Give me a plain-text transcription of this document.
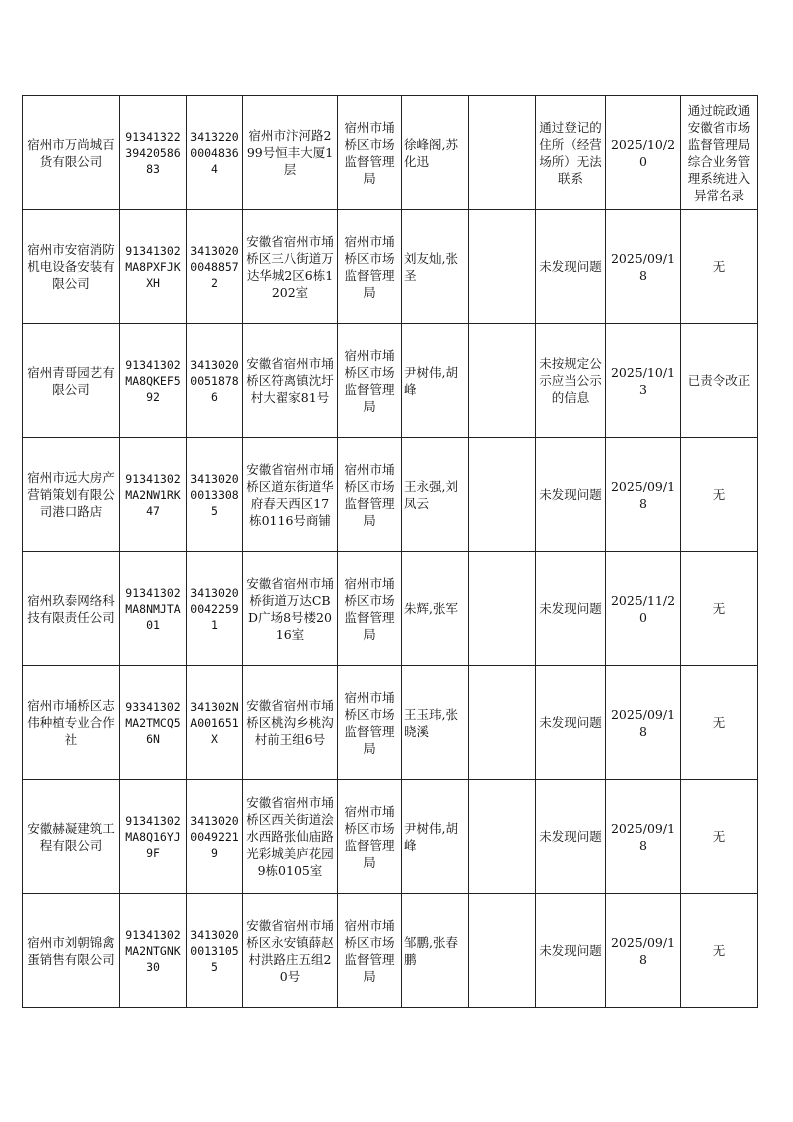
宿州市万尚城百货有限公司	913413223942058683	341322000048364	宿州市汴河路299号恒丰大厦1层	宿州市埇桥区市场监督管理局	徐峰阁,苏化迅		通过登记的住所（经营场所）无法联系	2025/10/20	通过皖政通安徽省市场监督管理局综合业务管理系统进入异常名录
宿州市安宿消防机电设备安装有限公司	91341302MA8PXFJKXH	341302000488572	安徽省宿州市埇桥区三八街道万达华城2区6栋1202室	宿州市埇桥区市场监督管理局	刘友灿,张圣		未发现问题	2025/09/18	无
宿州青哥园艺有限公司	91341302MA8QKEF592	341302000518786	安徽省宿州市埇桥区符离镇沈圩村大翟家81号	宿州市埇桥区市场监督管理局	尹树伟,胡峰		未按规定公示应当公示的信息	2025/10/13	已责令改正
宿州市远大房产营销策划有限公司港口路店	91341302MA2NW1RK47	341302000133085	安徽省宿州市埇桥区道东街道华府春天西区17栋0116号商铺	宿州市埇桥区市场监督管理局	王永强,刘凤云		未发现问题	2025/09/18	无
宿州玖泰网络科技有限责任公司	91341302MA8NMJTA01	341302000422591	安徽省宿州市埇桥街道万达CBD广场8号楼2016室	宿州市埇桥区市场监督管理局	朱辉,张军		未发现问题	2025/11/20	无
宿州市埇桥区志伟种植专业合作社	93341302MA2TMCQ56N	341302NA001651X	安徽省宿州市埇桥区桃沟乡桃沟村前王组6号	宿州市埇桥区市场监督管理局	王玉玮,张晓溪		未发现问题	2025/09/18	无
安徽赫凝建筑工程有限公司	91341302MA8Q16YJ9F	341302000492219	安徽省宿州市埇桥区西关街道浍水西路张仙庙路光彩城美庐花园9栋0105室	宿州市埇桥区市场监督管理局	尹树伟,胡峰		未发现问题	2025/09/18	无
宿州市刘朝锦禽蛋销售有限公司	91341302MA2NTGNK30	341302000131055	安徽省宿州市埇桥区永安镇薛赵村洪路庄五组20号	宿州市埇桥区市场监督管理局	邹鹏,张春鹏		未发现问题	2025/09/18	无
